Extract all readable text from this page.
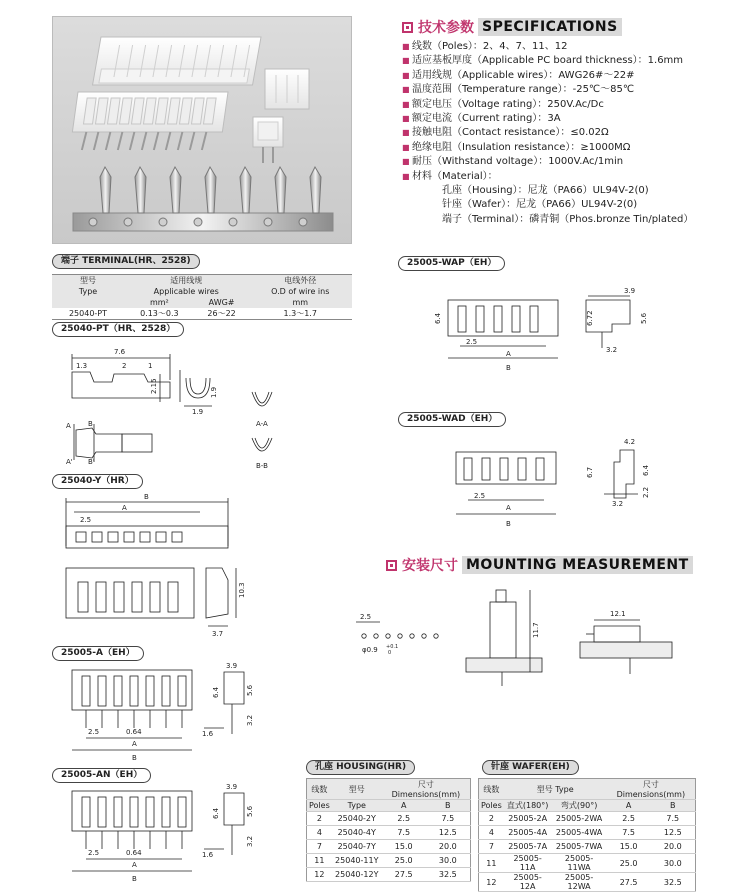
技术参数 SPECIFICATIONS
■ 线数（Poles）：2、4、7、11、12
■ 适应基板厚度（Applicable PC board thickness）：1.6mm
■ 适用线规（Applicable wires）：AWG26#～22#
■ 温度范围（Temperature range）：-25℃～85℃
■ 额定电压（Voltage rating）：250V.Ac/Dc
■ 额定电流（Current rating）：3A
■ 接触电阻（Contact resistance）：≤0.02Ω
■ 绝缘电阻（Insulation resistance）：≥1000MΩ
■ 耐压（Withstand voltage）：1000V.Ac/1min
■ 材料（Material）：
孔座（Housing）：尼龙（PA66）UL94V-2(0)
针座（Wafer）：尼龙（PA66）UL94V-2(0)
端子（Terminal）：磷青铜（Phos.bronze Tin/plated）
端子 TERMINAL(HR、2528)
型号	适用线规		电线外径
Type	Applicable wires		O.D of wire ins
	mm²	AWG#	mm
25040-PT	0.13～0.3	26～22	1.3～1.7
25040-PT（HR、2528）
7.6
1.3	2	1
2.15	1.9
1.9
A-A
B-B
A B
A' B'
25040-Y（HR）
B
A
2.5
10.3
3.7
25005-A（EH）
3.9
6.4	5.6
3.2
2.5	0.64
A
B
1.6
25005-AN（EH）
3.9
6.4	5.6
3.2
2.5	0.64
A
B
1.6
25005-WAP（EH）
3.9
6.4	6.72	5.6
2.5
A
B
3.2
25005-WAD（EH）
4.2
6.7	6.4
2.2
2.5
A
B
3.2
安装尺寸 MOUNTING MEASUREMENT
2.5
φ0.9 +0.1
0
11.7
12.1
孔座 HOUSING(HR)
线数	型号	尺寸Dimensions(mm)	
Poles	Type	A	B
2	25040-2Y	2.5	7.5
4	25040-4Y	7.5	12.5
7	25040-7Y	15.0	20.0
11	25040-11Y	25.0	30.0
12	25040-12Y	27.5	32.5
针座 WAFER(EH)
线数	型号 Type		尺寸Dimensions(mm)	
Poles	直式(180°)	弯式(90°)	A	B
2	25005-2A	25005-2WA	2.5	7.5
4	25005-4A	25005-4WA	7.5	12.5
7	25005-7A	25005-7WA	15.0	20.0
11	25005-11A	25005-11WA	25.0	30.0
12	25005-12A	25005-12WA	27.5	32.5
